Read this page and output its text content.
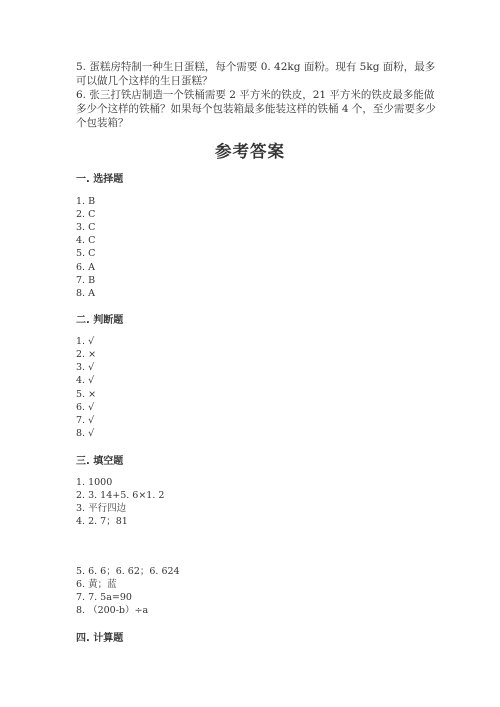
5. 蛋糕房特制一种生日蛋糕，每个需要 0. 42kg 面粉。现有 5kg 面粉，最多可以做几个这样的生日蛋糕？

6. 张三打铁店制造一个铁桶需要 2 平方米的铁皮，21 平方米的铁皮最多能做多少个这样的铁桶？如果每个包装箱最多能装这样的铁桶 4 个，至少需要多少个包装箱？

参考答案

一. 选择题

1. B

2. C

3. C

4. C

5. C

6. A

7. B

8. A

二. 判断题

1. √

2. ×

3. √

4. √

5. ×

6. √

7. √

8. √

三. 填空题

1. 1000

2. 3. 14+5. 6×1. 2

3. 平行四边

4. 2. 7；81

5. 6. 6；6. 62；6. 624

6. 黄；蓝

7. 7. 5a=90

8. （200-b）÷a

四. 计算题
